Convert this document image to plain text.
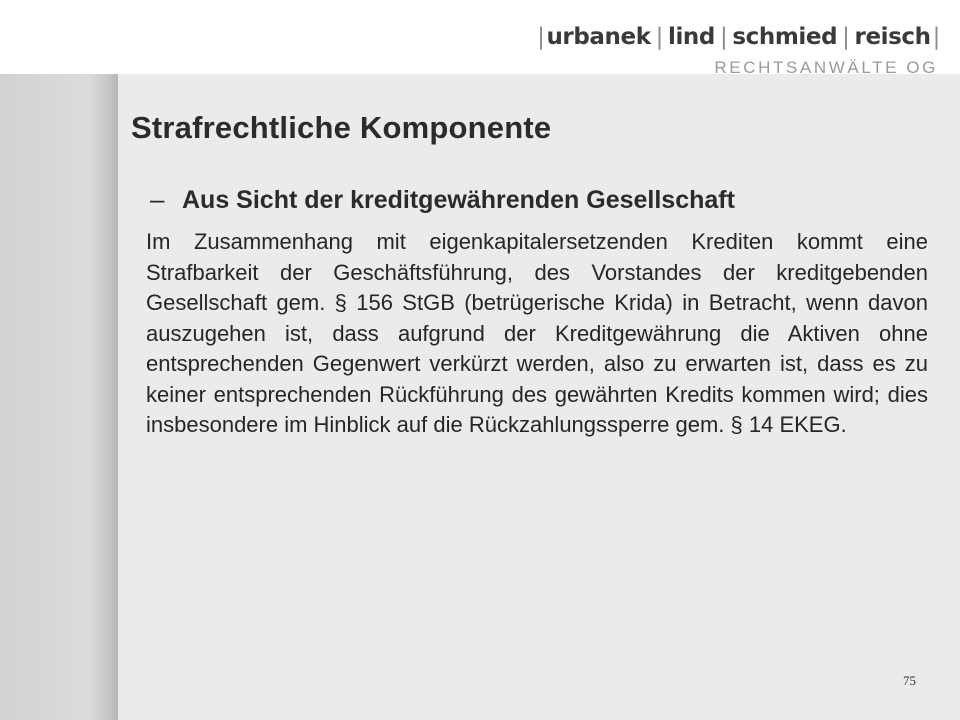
|urbanek | lind | schmied | reisch|
RECHTSANWÄLTE OG
Strafrechtliche Komponente
– Aus Sicht der kreditgewährenden Gesellschaft

Im Zusammenhang mit eigenkapitalersetzenden Krediten kommt eine Strafbarkeit der Geschäftsführung, des Vorstandes der kreditgebenden Gesellschaft gem. § 156 StGB (betrügerische Krida) in Betracht, wenn davon auszugehen ist, dass aufgrund der Kreditgewährung die Aktiven ohne entsprechenden Gegenwert verkürzt werden, also zu erwarten ist, dass es zu keiner entsprechenden Rückführung des gewährten Kredits kommen wird; dies insbesondere im Hinblick auf die Rückzahlungssperre gem. § 14 EKEG.

75
